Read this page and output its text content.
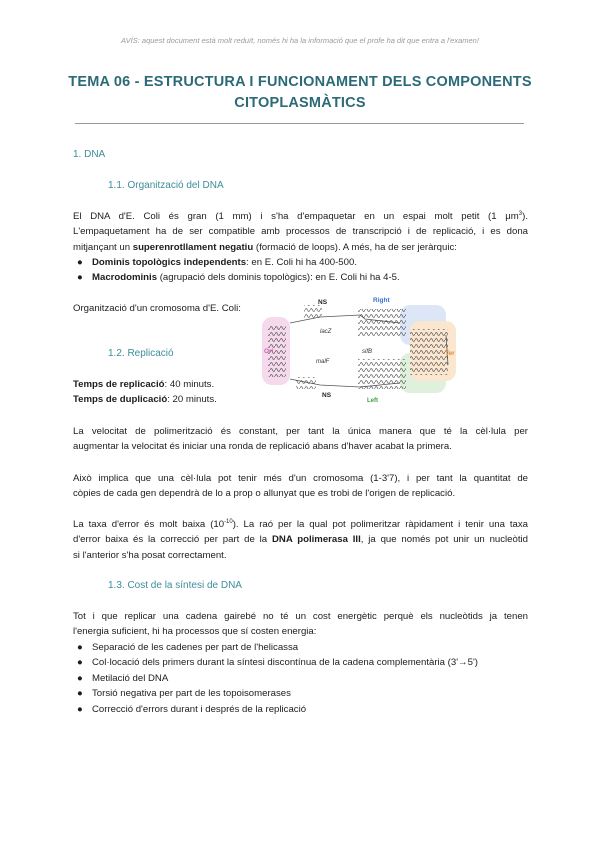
AVÍS: aquest document està molt reduït, només hi ha la informació que el profe ha dit que entra a l'examen!
TEMA 06 - ESTRUCTURA I FUNCIONAMENT DELS COMPONENTS CITOPLASMÀTICS
1. DNA
1.1. Organització del DNA
El DNA d'E. Coli és gran (1 mm) i s'ha d'empaquetar en un espai molt petit (1 $\mu m^3$).
L'empaquetament ha de ser compatible amb processos de transcripció i de replicació, i es dona
mitjançant un superenrotllament negatiu (formació de loops). A més, ha de ser jeràrquic:
● Dominis topològics independents: en E. Coli hi ha 400-500.
● Macrodominis (agrupació dels dominis topològics): en E. Coli hi ha 4-5.
Organització d'un cromosoma d'E. Coli:
NS
NS
Right
Left
Ori	Ter
lacZ
sifB
malF
1.2. Replicació
Temps de replicació: 40 minuts.
Temps de duplicació: 20 minuts.
La velocitat de polimerització és constant, per tant la única manera que té la cèl·lula per
augmentar la velocitat és iniciar una ronda de replicació abans d'haver acabat la primera.
Això implica que una cèl·lula pot tenir més d'un cromosoma (1-3'7), i per tant la quantitat de
còpies de cada gen dependrà de lo a prop o allunyat que es trobi de l'origen de replicació.
La taxa d'error és molt baixa $(10^{-10})$. La raó per la qual pot polimeritzar ràpidament i tenir una taxa
d'error baixa és la correcció per part de la DNA polimerasa III, ja que només pot unir un nucleòtid
si l'anterior s'ha posat correctament.
1.3. Cost de la síntesi de DNA
Tot i que replicar una cadena gairebé no té un cost energètic perquè els nucleòtids ja tenen
l'energia suficient, hi ha processos que sí costen energia:
● Separació de les cadenes per part de l'helicassa
● Col·locació dels primers durant la síntesi discontínua de la cadena complementària (3'→5')
● Metilació del DNA
● Torsió negativa per part de les topoisomerases
● Correcció d'errors durant i després de la replicació
